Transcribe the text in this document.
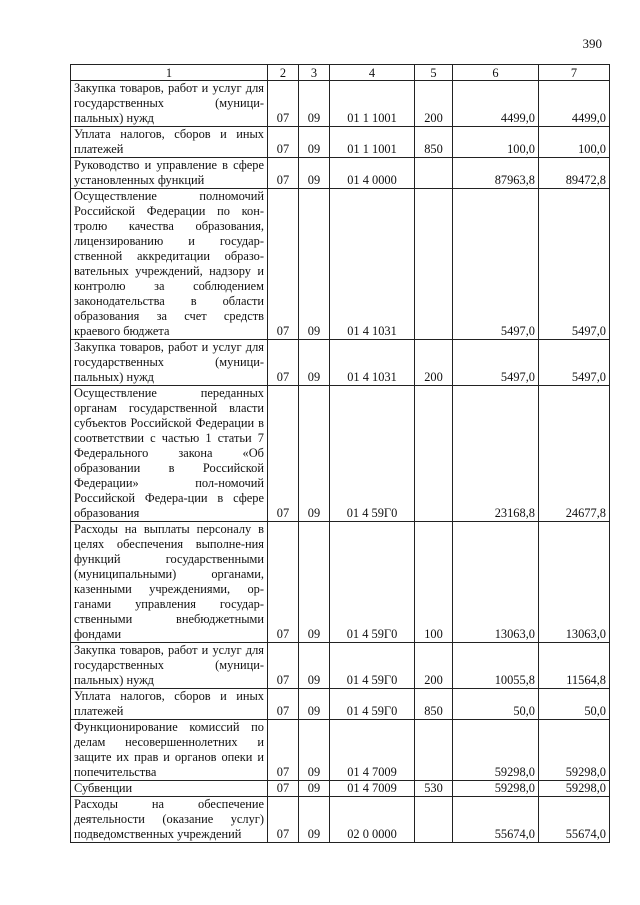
390
1	2	3	4	5	6	7
Закупка товаров, работ и услуг для государственных (муници-пальных) нужд	07	09	01 1 1001	200	4499,0	4499,0
Уплата налогов, сборов и иных платежей	07	09	01 1 1001	850	100,0	100,0
Руководство и управление в сфере установленных функций	07	09	01 4 0000		87963,8	89472,8
Осуществление полномочий Российской Федерации по кон-тролю качества образования, лицензированию и государ-ственной аккредитации образо-вательных учреждений, надзору и контролю за соблюдением законодательства в области образования за счет средств краевого бюджета	07	09	01 4 1031		5497,0	5497,0
Закупка товаров, работ и услуг для государственных (муници-пальных) нужд	07	09	01 4 1031	200	5497,0	5497,0
Осуществление переданных органам государственной власти субъектов Российской Федерации в соответствии с частью 1 статьи 7 Федерального закона «Об образовании в Российской Федерации» пол-номочий Российской Федера-ции в сфере образования	07	09	01 4 59Г0		23168,8	24677,8
Расходы на выплаты персоналу в целях обеспечения выполне-ния функций государственными (муниципальными) органами, казенными учреждениями, ор-ганами управления государ-ственными внебюджетными фондами	07	09	01 4 59Г0	100	13063,0	13063,0
Закупка товаров, работ и услуг для государственных (муници-пальных) нужд	07	09	01 4 59Г0	200	10055,8	11564,8
Уплата налогов, сборов и иных платежей	07	09	01 4 59Г0	850	50,0	50,0
Функционирование комиссий по делам несовершеннолетних и защите их прав и органов опеки и попечительства	07	09	01 4 7009		59298,0	59298,0
Субвенции	07	09	01 4 7009	530	59298,0	59298,0
Расходы на обеспечение деятельности (оказание услуг) подведомственных учреждений	07	09	02 0 0000		55674,0	55674,0
